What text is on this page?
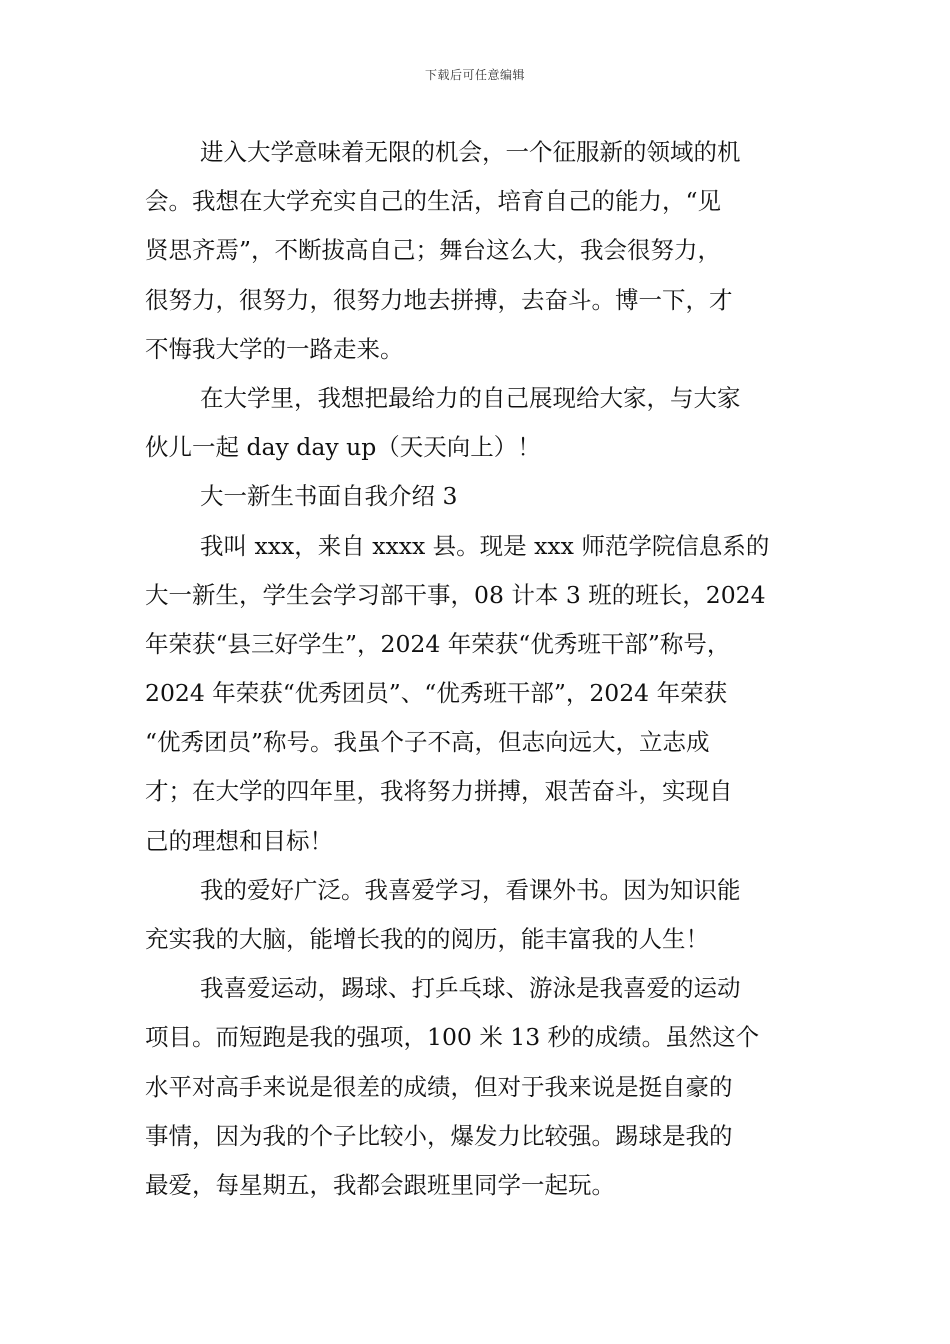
下载后可任意编辑
进入大学意味着无限的机会，一个征服新的领域的机
会。我想在大学充实自己的生活，培育自己的能力，“见
贤思齐焉”，不断拔高自己；舞台这么大，我会很努力，
很努力，很努力，很努力地去拼搏，去奋斗。博一下，才
不悔我大学的一路走来。
在大学里，我想把最给力的自己展现给大家，与大家
伙儿一起 day day up（天天向上）！
大一新生书面自我介绍 3
我叫 xxx，来自 xxxx 县。现是 xxx 师范学院信息系的
大一新生，学生会学习部干事，08 计本 3 班的班长，2024
年荣获“县三好学生”，2024 年荣获“优秀班干部”称号，
2024 年荣获“优秀团员”、“优秀班干部”，2024 年荣获
“优秀团员”称号。我虽个子不高，但志向远大，立志成
才；在大学的四年里，我将努力拼搏，艰苦奋斗，实现自
己的理想和目标！
我的爱好广泛。我喜爱学习，看课外书。因为知识能
充实我的大脑，能增长我的的阅历，能丰富我的人生！
我喜爱运动，踢球、打乒乓球、游泳是我喜爱的运动
项目。而短跑是我的强项，100 米 13 秒的成绩。虽然这个
水平对高手来说是很差的成绩，但对于我来说是挺自豪的
事情，因为我的个子比较小，爆发力比较强。踢球是我的
最爱，每星期五，我都会跟班里同学一起玩。
